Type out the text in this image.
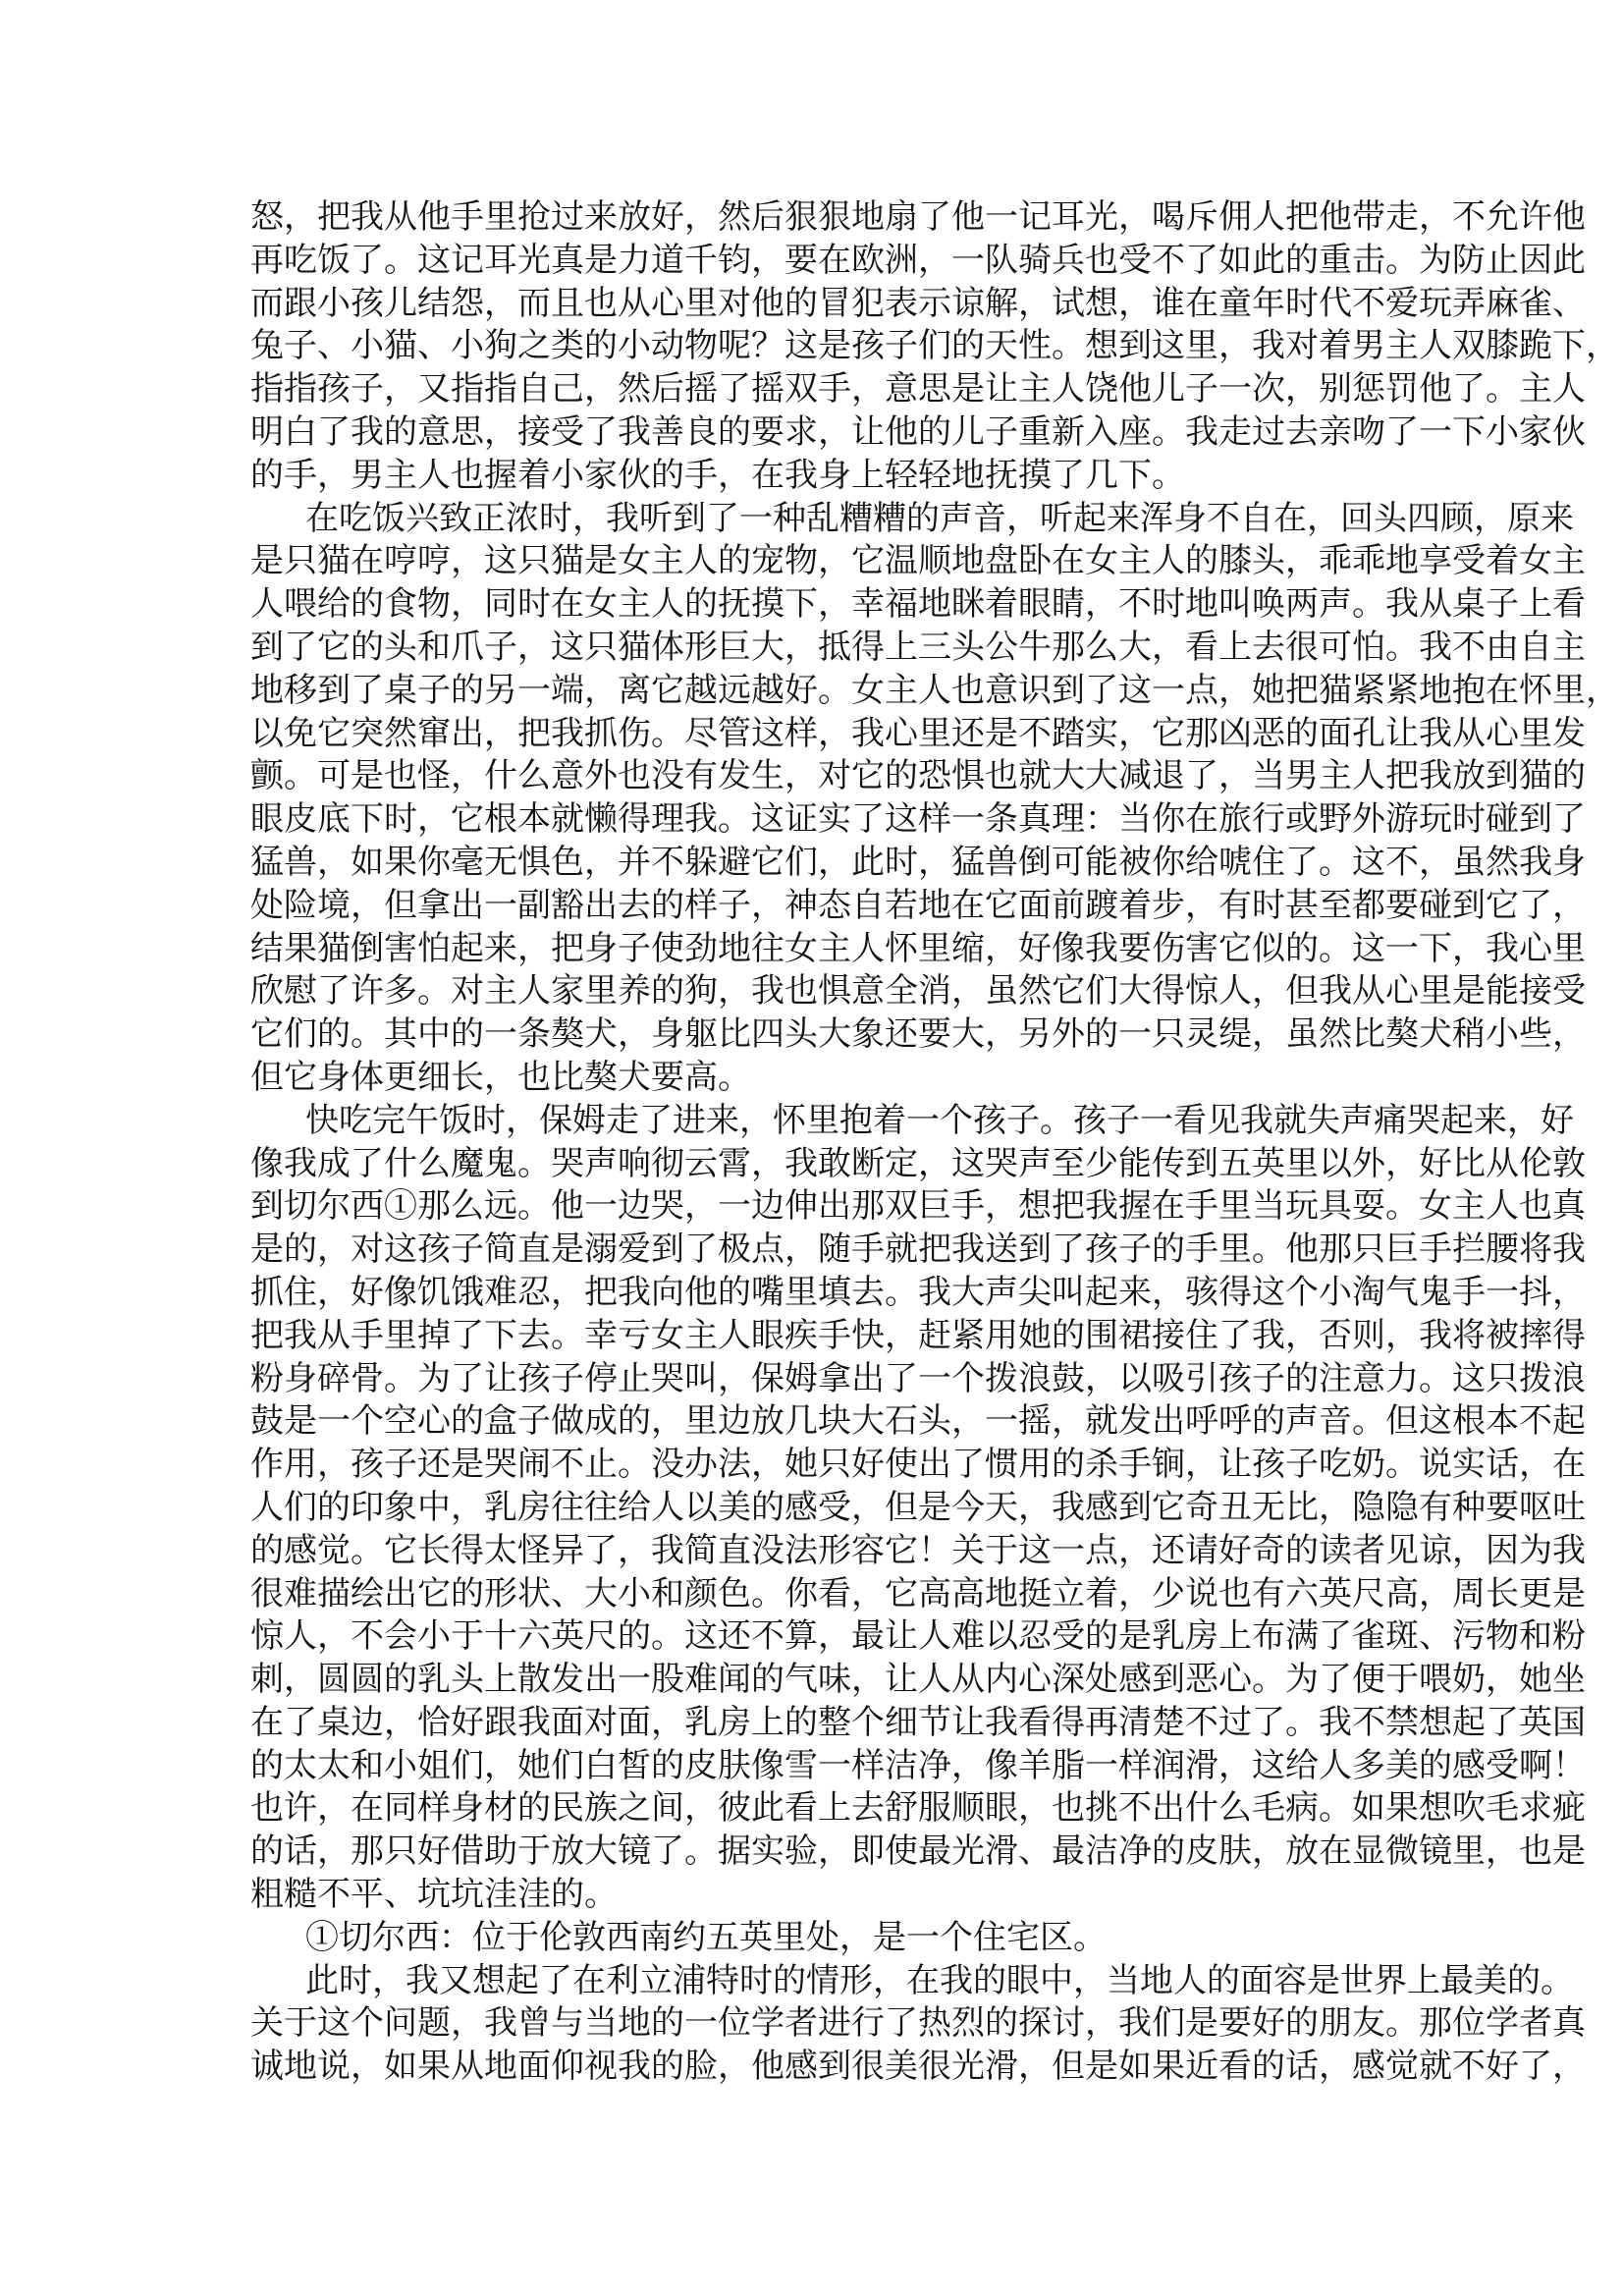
怒，把我从他手里抢过来放好，然后狠狠地扇了他一记耳光，喝斥佣人把他带走，不允许他
再吃饭了。这记耳光真是力道千钧，要在欧洲，一队骑兵也受不了如此的重击。为防止因此
而跟小孩儿结怨，而且也从心里对他的冒犯表示谅解，试想，谁在童年时代不爱玩弄麻雀、
兔子、小猫、小狗之类的小动物呢？这是孩子们的天性。想到这里，我对着男主人双膝跪下，
指指孩子，又指指自己，然后摇了摇双手，意思是让主人饶他儿子一次，别惩罚他了。主人
明白了我的意思，接受了我善良的要求，让他的儿子重新入座。我走过去亲吻了一下小家伙
的手，男主人也握着小家伙的手，在我身上轻轻地抚摸了几下。
在吃饭兴致正浓时，我听到了一种乱糟糟的声音，听起来浑身不自在，回头四顾，原来
是只猫在哼哼，这只猫是女主人的宠物，它温顺地盘卧在女主人的膝头，乖乖地享受着女主
人喂给的食物，同时在女主人的抚摸下，幸福地眯着眼睛，不时地叫唤两声。我从桌子上看
到了它的头和爪子，这只猫体形巨大，抵得上三头公牛那么大，看上去很可怕。我不由自主
地移到了桌子的另一端，离它越远越好。女主人也意识到了这一点，她把猫紧紧地抱在怀里，
以免它突然窜出，把我抓伤。尽管这样，我心里还是不踏实，它那凶恶的面孔让我从心里发
颤。可是也怪，什么意外也没有发生，对它的恐惧也就大大减退了，当男主人把我放到猫的
眼皮底下时，它根本就懒得理我。这证实了这样一条真理：当你在旅行或野外游玩时碰到了
猛兽，如果你毫无惧色，并不躲避它们，此时，猛兽倒可能被你给唬住了。这不，虽然我身
处险境，但拿出一副豁出去的样子，神态自若地在它面前踱着步，有时甚至都要碰到它了，
结果猫倒害怕起来，把身子使劲地往女主人怀里缩，好像我要伤害它似的。这一下，我心里
欣慰了许多。对主人家里养的狗，我也惧意全消，虽然它们大得惊人，但我从心里是能接受
它们的。其中的一条獒犬，身躯比四头大象还要大，另外的一只灵缇，虽然比獒犬稍小些，
但它身体更细长，也比獒犬要高。
快吃完午饭时，保姆走了进来，怀里抱着一个孩子。孩子一看见我就失声痛哭起来，好
像我成了什么魔鬼。哭声响彻云霄，我敢断定，这哭声至少能传到五英里以外，好比从伦敦
到切尔西①那么远。他一边哭，一边伸出那双巨手，想把我握在手里当玩具耍。女主人也真
是的，对这孩子简直是溺爱到了极点，随手就把我送到了孩子的手里。他那只巨手拦腰将我
抓住，好像饥饿难忍，把我向他的嘴里填去。我大声尖叫起来，骇得这个小淘气鬼手一抖，
把我从手里掉了下去。幸亏女主人眼疾手快，赶紧用她的围裙接住了我，否则，我将被摔得
粉身碎骨。为了让孩子停止哭叫，保姆拿出了一个拨浪鼓，以吸引孩子的注意力。这只拨浪
鼓是一个空心的盒子做成的，里边放几块大石头，一摇，就发出呼呼的声音。但这根本不起
作用，孩子还是哭闹不止。没办法，她只好使出了惯用的杀手锏，让孩子吃奶。说实话，在
人们的印象中，乳房往往给人以美的感受，但是今天，我感到它奇丑无比，隐隐有种要呕吐
的感觉。它长得太怪异了，我简直没法形容它！关于这一点，还请好奇的读者见谅，因为我
很难描绘出它的形状、大小和颜色。你看，它高高地挺立着，少说也有六英尺高，周长更是
惊人，不会小于十六英尺的。这还不算，最让人难以忍受的是乳房上布满了雀斑、污物和粉
刺，圆圆的乳头上散发出一股难闻的气味，让人从内心深处感到恶心。为了便于喂奶，她坐
在了桌边，恰好跟我面对面，乳房上的整个细节让我看得再清楚不过了。我不禁想起了英国
的太太和小姐们，她们白皙的皮肤像雪一样洁净，像羊脂一样润滑，这给人多美的感受啊！
也许，在同样身材的民族之间，彼此看上去舒服顺眼，也挑不出什么毛病。如果想吹毛求疵
的话，那只好借助于放大镜了。据实验，即使最光滑、最洁净的皮肤，放在显微镜里，也是
粗糙不平、坑坑洼洼的。
①切尔西：位于伦敦西南约五英里处，是一个住宅区。
此时，我又想起了在利立浦特时的情形，在我的眼中，当地人的面容是世界上最美的。
关于这个问题，我曾与当地的一位学者进行了热烈的探讨，我们是要好的朋友。那位学者真
诚地说，如果从地面仰视我的脸，他感到很美很光滑，但是如果近看的话，感觉就不好了，
